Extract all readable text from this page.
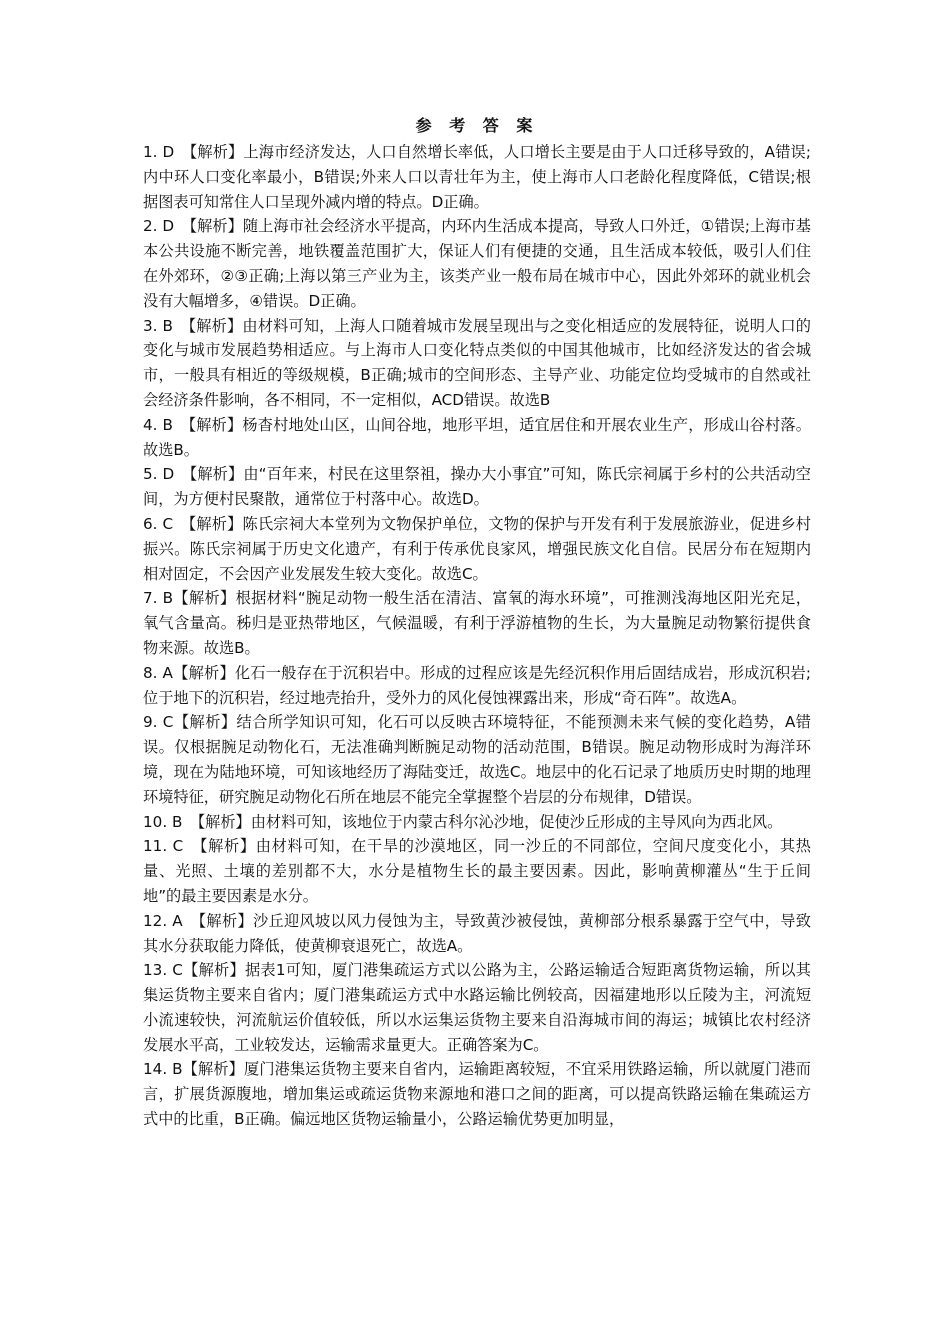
参 考 答 案

1. D　【解析】上海市经济发达，人口自然增长率低，人口增长主要是由于人口迁移导致的，A错误;内中环人口变化率最小，B错误;外来人口以青壮年为主，使上海市人口老龄化程度降低，C错误;根据图表可知常住人口呈现外减内增的特点。D正确。

2. D　【解析】随上海市社会经济水平提高，内环内生活成本提高，导致人口外迁，①错误;上海市基本公共设施不断完善，地铁覆盖范围扩大，保证人们有便捷的交通，且生活成本较低，吸引人们住在外郊环，②③正确;上海以第三产业为主，该类产业一般布局在城市中心，因此外郊环的就业机会没有大幅增多，④错误。D正确。

3. B　【解析】由材料可知，上海人口随着城市发展呈现出与之变化相适应的发展特征，说明人口的变化与城市发展趋势相适应。与上海市人口变化特点类似的中国其他城市，比如经济发达的省会城市，一般具有相近的等级规模，B正确;城市的空间形态、主导产业、功能定位均受城市的自然或社会经济条件影响，各不相同，不一定相似，ACD错误。故选B

4. B　【解析】杨杳村地处山区，山间谷地，地形平坦，适宜居住和开展农业生产，形成山谷村落。故选B。

5. D　【解析】由“百年来，村民在这里祭祖，操办大小事宜”可知，陈氏宗祠属于乡村的公共活动空间，为方便村民聚散，通常位于村落中心。故选D。

6. C　【解析】陈氏宗祠大本堂列为文物保护单位，文物的保护与开发有利于发展旅游业，促进乡村振兴。陈氏宗祠属于历史文化遗产，有利于传承优良家风，增强民族文化自信。民居分布在短期内相对固定，不会因产业发展发生较大变化。故选C。

7. B【解析】根据材料“腕足动物一般生活在清洁、富氧的海水环境”，可推测浅海地区阳光充足，氧气含量高。秭归是亚热带地区，气候温暖，有利于浮游植物的生长，为大量腕足动物繁衍提供食物来源。故选B。

8. A【解析】化石一般存在于沉积岩中。形成的过程应该是先经沉积作用后固结成岩，形成沉积岩;位于地下的沉积岩，经过地壳抬升，受外力的风化侵蚀裸露出来，形成“奇石阵”。故选A。

9. C【解析】结合所学知识可知，化石可以反映古环境特征，不能预测未来气候的变化趋势，A错误。仅根据腕足动物化石，无法准确判断腕足动物的活动范围，B错误。腕足动物形成时为海洋环境，现在为陆地环境，可知该地经历了海陆变迁，故选C。地层中的化石记录了地质历史时期的地理环境特征，研究腕足动物化石所在地层不能完全掌握整个岩层的分布规律，D错误。

10. B　【解析】由材料可知，该地位于内蒙古科尔沁沙地，促使沙丘形成的主导风向为西北风。

11. C　【解析】由材料可知，在干旱的沙漠地区，同一沙丘的不同部位，空间尺度变化小，其热量、光照、土壤的差别都不大，水分是植物生长的最主要因素。因此，影响黄柳灌丛“生于丘间地”的最主要因素是水分。

12. A　【解析】沙丘迎风坡以风力侵蚀为主，导致黄沙被侵蚀，黄柳部分根系暴露于空气中，导致其水分获取能力降低，使黄柳衰退死亡，故选A。

13. C【解析】据表1可知，厦门港集疏运方式以公路为主，公路运输适合短距离货物运输，所以其集运货物主要来自省内；厦门港集疏运方式中水路运输比例较高，因福建地形以丘陵为主，河流短小流速较快，河流航运价值较低，所以水运集运货物主要来自沿海城市间的海运；城镇比农村经济发展水平高，工业较发达，运输需求量更大。正确答案为C。

14. B【解析】厦门港集运货物主要来自省内，运输距离较短，不宜采用铁路运输，所以就厦门港而言，扩展货源腹地，增加集运或疏运货物来源地和港口之间的距离，可以提高铁路运输在集疏运方式中的比重，B正确。偏远地区货物运输量小，公路运输优势更加明显，
